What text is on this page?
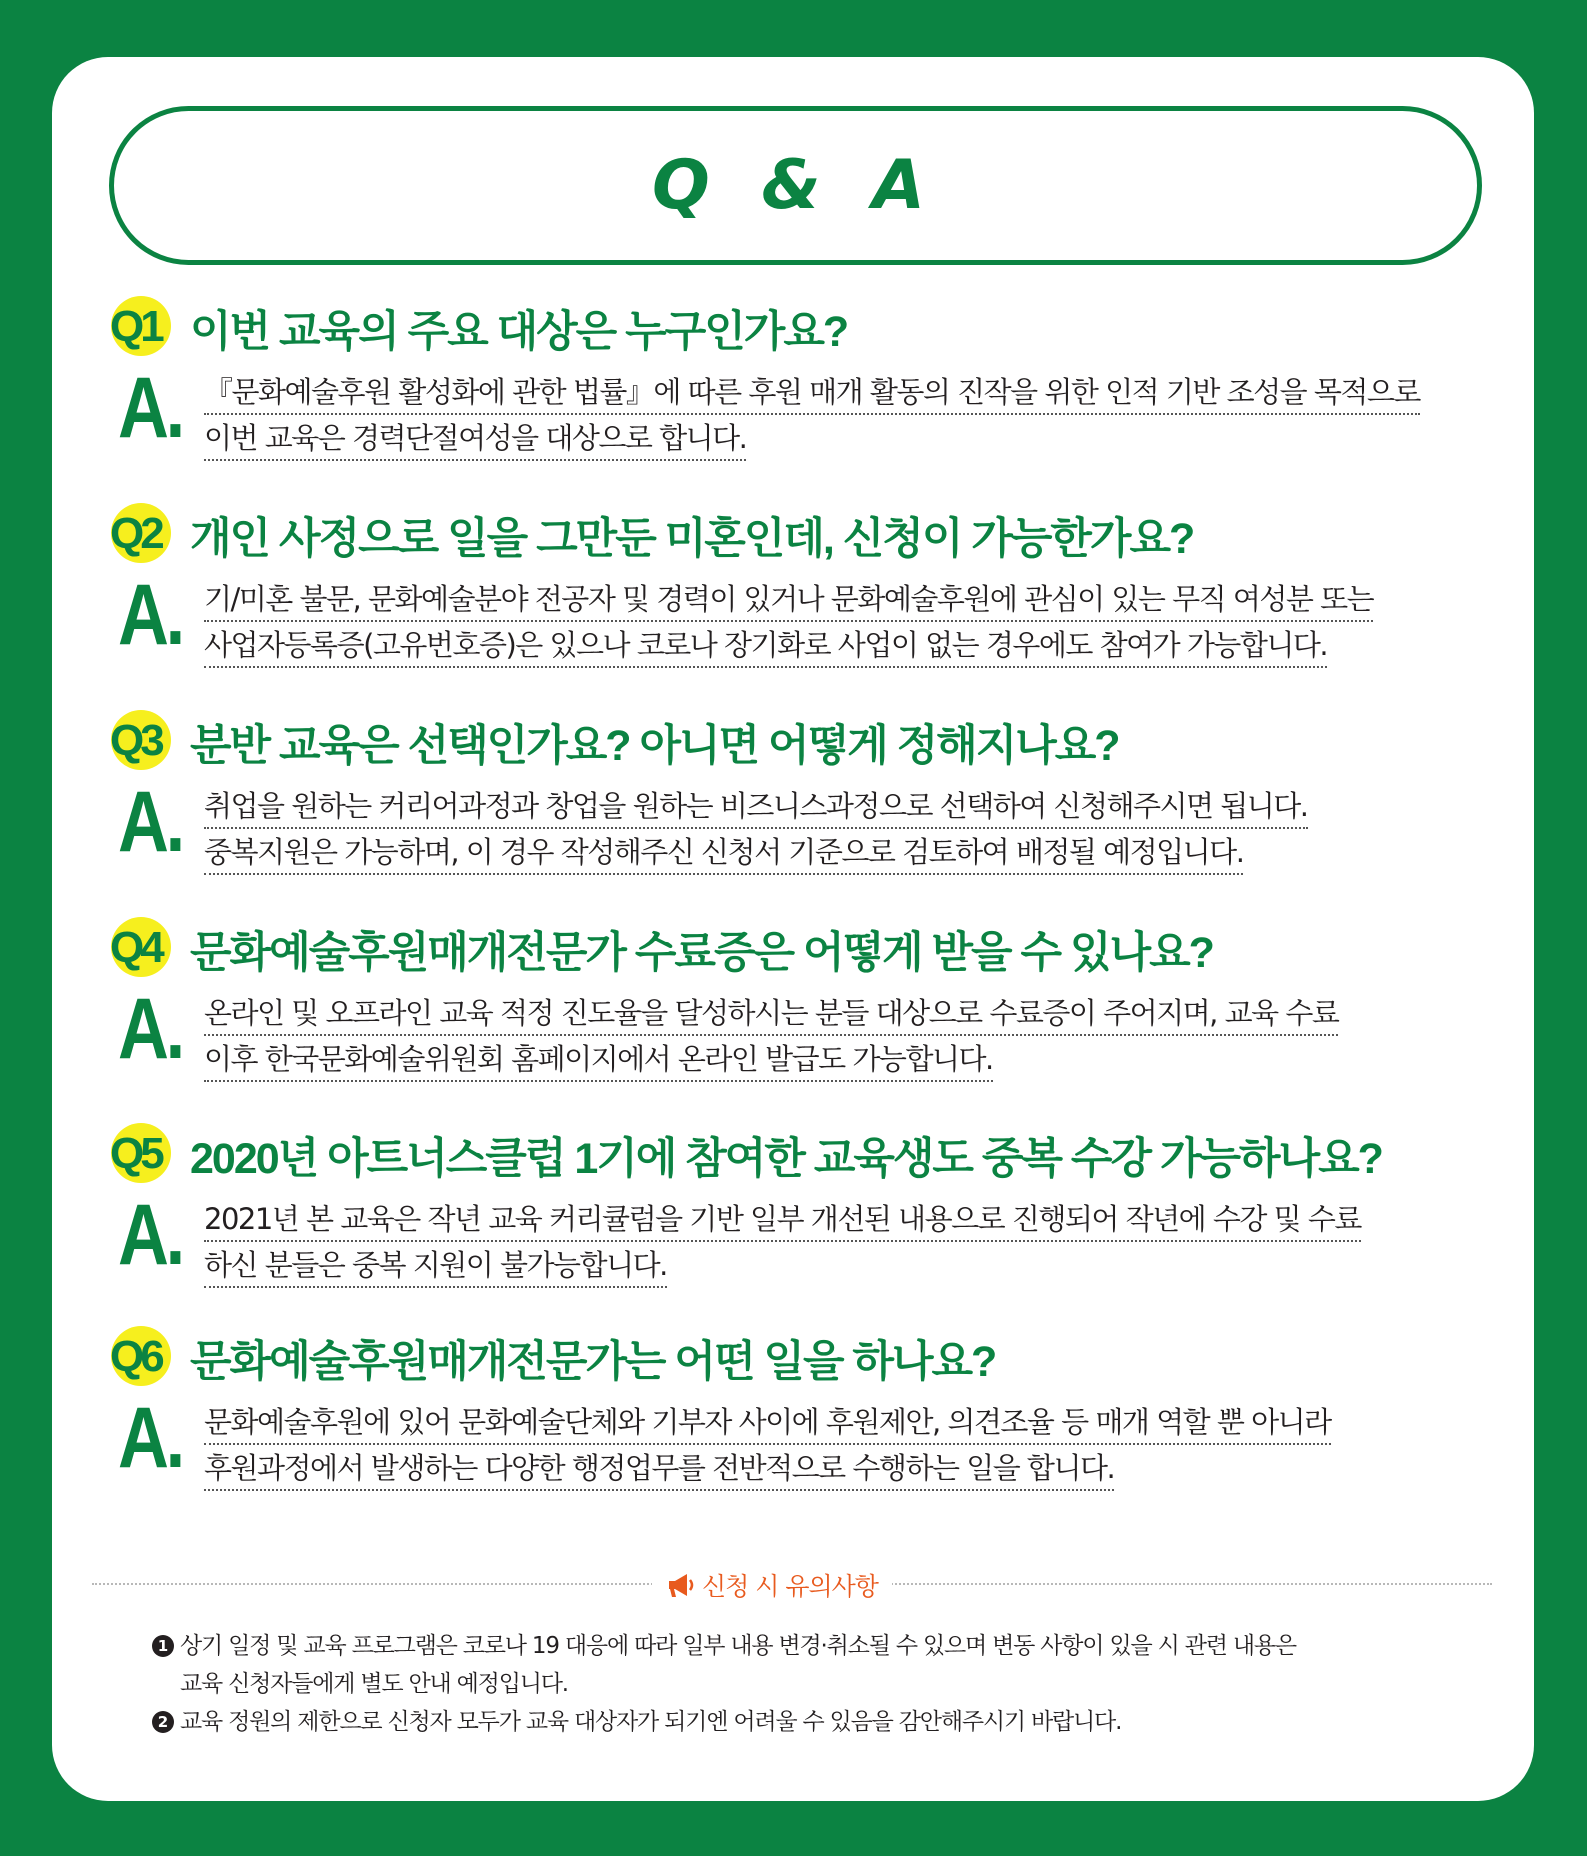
Q & A
Q1 이번 교육의 주요 대상은 누구인가요?
A. 『문화예술후원 활성화에 관한 법률』에 따른 후원 매개 활동의 진작을 위한 인적 기반 조성을 목적으로
이번 교육은 경력단절여성을 대상으로 합니다.
Q2 개인 사정으로 일을 그만둔 미혼인데, 신청이 가능한가요?
A. 기/미혼 불문, 문화예술분야 전공자 및 경력이 있거나 문화예술후원에 관심이 있는 무직 여성분 또는
사업자등록증(고유번호증)은 있으나 코로나 장기화로 사업이 없는 경우에도 참여가 가능합니다.
Q3 분반 교육은 선택인가요? 아니면 어떻게 정해지나요?
A. 취업을 원하는 커리어과정과 창업을 원하는 비즈니스과정으로 선택하여 신청해주시면 됩니다.
중복지원은 가능하며, 이 경우 작성해주신 신청서 기준으로 검토하여 배정될 예정입니다.
Q4 문화예술후원매개전문가 수료증은 어떻게 받을 수 있나요?
A. 온라인 및 오프라인 교육 적정 진도율을 달성하시는 분들 대상으로 수료증이 주어지며, 교육 수료
이후 한국문화예술위원회 홈페이지에서 온라인 발급도 가능합니다.
Q5 2020년 아트너스클럽 1기에 참여한 교육생도 중복 수강 가능하나요?
A. 2021년 본 교육은 작년 교육 커리큘럼을 기반 일부 개선된 내용으로 진행되어 작년에 수강 및 수료
하신 분들은 중복 지원이 불가능합니다.
Q6 문화예술후원매개전문가는 어떤 일을 하나요?
A. 문화예술후원에 있어 문화예술단체와 기부자 사이에 후원제안, 의견조율 등 매개 역할 뿐 아니라
후원과정에서 발생하는 다양한 행정업무를 전반적으로 수행하는 일을 합니다.
신청 시 유의사항
1 상기 일정 및 교육 프로그램은 코로나 19 대응에 따라 일부 내용 변경·취소될 수 있으며 변동 사항이 있을 시 관련 내용은
교육 신청자들에게 별도 안내 예정입니다.
2 교육 정원의 제한으로 신청자 모두가 교육 대상자가 되기엔 어려울 수 있음을 감안해주시기 바랍니다.
